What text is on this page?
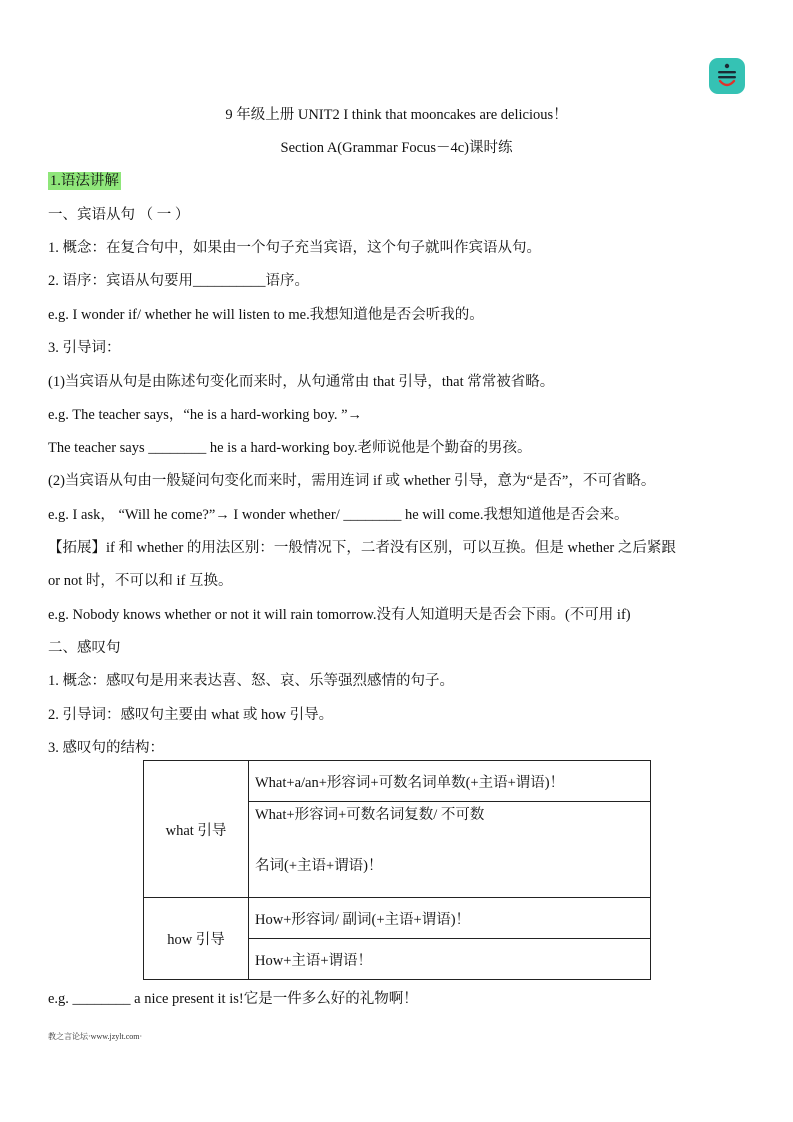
9 年级上册 UNIT2 I think that mooncakes are delicious！
Section A(Grammar Focus－4c)课时练
1.语法讲解
一、宾语从句 （ 一 ）
1. 概念：在复合句中，如果由一个句子充当宾语，这个句子就叫作宾语从句。
2. 语序：宾语从句要用__________语序。
e.g. I wonder if/ whether he will listen to me.我想知道他是否会听我的。
3. 引导词：
(1)当宾语从句是由陈述句变化而来时，从句通常由 that 引导，that 常常被省略。
e.g. The teacher says，“he is a hard-working boy. ”→
The teacher says ________ he is a hard-working boy.老师说他是个勤奋的男孩。
(2)当宾语从句由一般疑问句变化而来时，需用连词 if 或 whether 引导，意为“是否”，不可省略。
e.g. I ask， “Will he come?”→ I wonder whether/ ________ he will come.我想知道他是否会来。
【拓展】if 和 whether 的用法区别：一般情况下，二者没有区别，可以互换。但是 whether 之后紧跟
or not 时，不可以和 if 互换。
e.g. Nobody knows whether or not it will rain tomorrow.没有人知道明天是否会下雨。(不可用 if)
二、感叹句
1. 概念：感叹句是用来表达喜、怒、哀、乐等强烈感情的句子。
2. 引导词：感叹句主要由 what 或 how 引导。
3. 感叹句的结构：
what 引导	What+a/an+形容词+可数名词单数(+主语+谓语)！

	What+形容词+可数名词复数/ 不可数
名词(+主语+谓语)！

how 引导	How+形容词/ 副词(+主语+谓语)！
	How+主语+谓语！
e.g. ________ a nice present it is!它是一件多么好的礼物啊！
教之言论坛·www.jzylt.com·
